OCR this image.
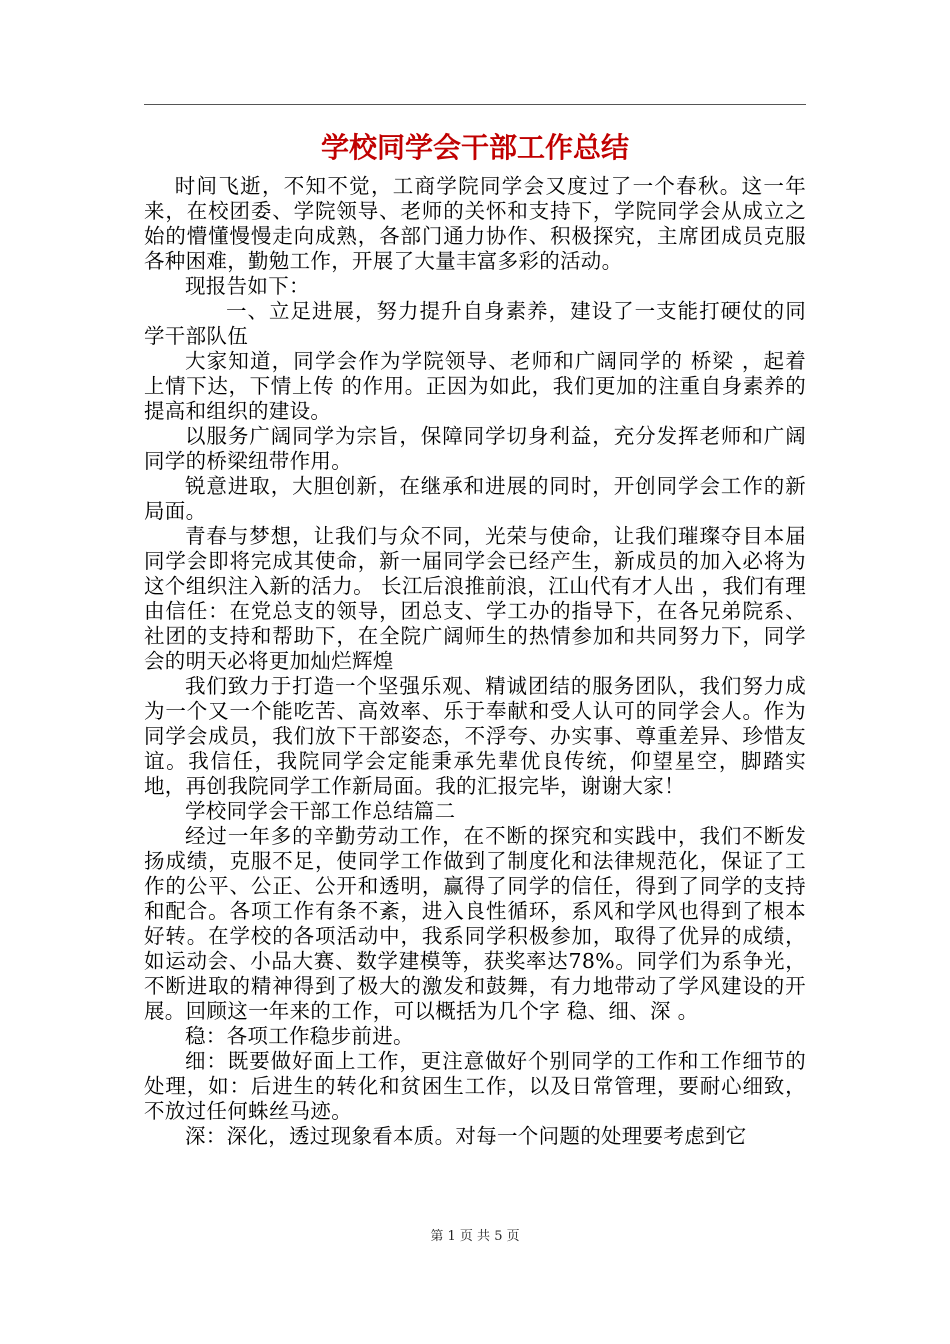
学校同学会干部工作总结

时间飞逝，不知不觉，工商学院同学会又度过了一个春秋。这一年来，在校团委、学院领导、老师的关怀和支持下，学院同学会从成立之始的懵懂慢慢走向成熟，各部门通力协作、积极探究，主席团成员克服各种困难，勤勉工作，开展了大量丰富多彩的活动。

现报告如下：

一、立足进展，努力提升自身素养，建设了一支能打硬仗的同学干部队伍

大家知道，同学会作为学院领导、老师和广阔同学的 桥梁 ，起着 上情下达，下情上传 的作用。正因为如此，我们更加的注重自身素养的提高和组织的建设。

以服务广阔同学为宗旨，保障同学切身利益，充分发挥老师和广阔同学的桥梁纽带作用。

锐意进取，大胆创新，在继承和进展的同时，开创同学会工作的新局面。

青春与梦想，让我们与众不同，光荣与使命，让我们璀璨夺目本届同学会即将完成其使命，新一届同学会已经产生，新成员的加入必将为这个组织注入新的活力。 长江后浪推前浪，江山代有才人出 ，我们有理由信任：在党总支的领导，团总支、学工办的指导下，在各兄弟院系、社团的支持和帮助下，在全院广阔师生的热情参加和共同努力下，同学会的明天必将更加灿烂辉煌

我们致力于打造一个坚强乐观、精诚团结的服务团队，我们努力成为一个又一个能吃苦、高效率、乐于奉献和受人认可的同学会人。作为同学会成员，我们放下干部姿态，不浮夸、办实事、尊重差异、珍惜友谊。我信任，我院同学会定能秉承先辈优良传统，仰望星空，脚踏实地，再创我院同学工作新局面。我的汇报完毕，谢谢大家！

学校同学会干部工作总结篇二

经过一年多的辛勤劳动工作，在不断的探究和实践中，我们不断发扬成绩，克服不足，使同学工作做到了制度化和法律规范化，保证了工作的公平、公正、公开和透明，赢得了同学的信任，得到了同学的支持和配合。各项工作有条不紊，进入良性循环，系风和学风也得到了根本好转。在学校的各项活动中，我系同学积极参加，取得了优异的成绩，如运动会、小品大赛、数学建模等，获奖率达78%。同学们为系争光，不断进取的精神得到了极大的激发和鼓舞，有力地带动了学风建设的开展。回顾这一年来的工作，可以概括为几个字 稳、细、深 。

稳：各项工作稳步前进。

细：既要做好面上工作，更注意做好个别同学的工作和工作细节的处理，如：后进生的转化和贫困生工作，以及日常管理，要耐心细致，不放过任何蛛丝马迹。

深：深化，透过现象看本质。对每一个问题的处理要考虑到它

第 1 页 共 5 页
